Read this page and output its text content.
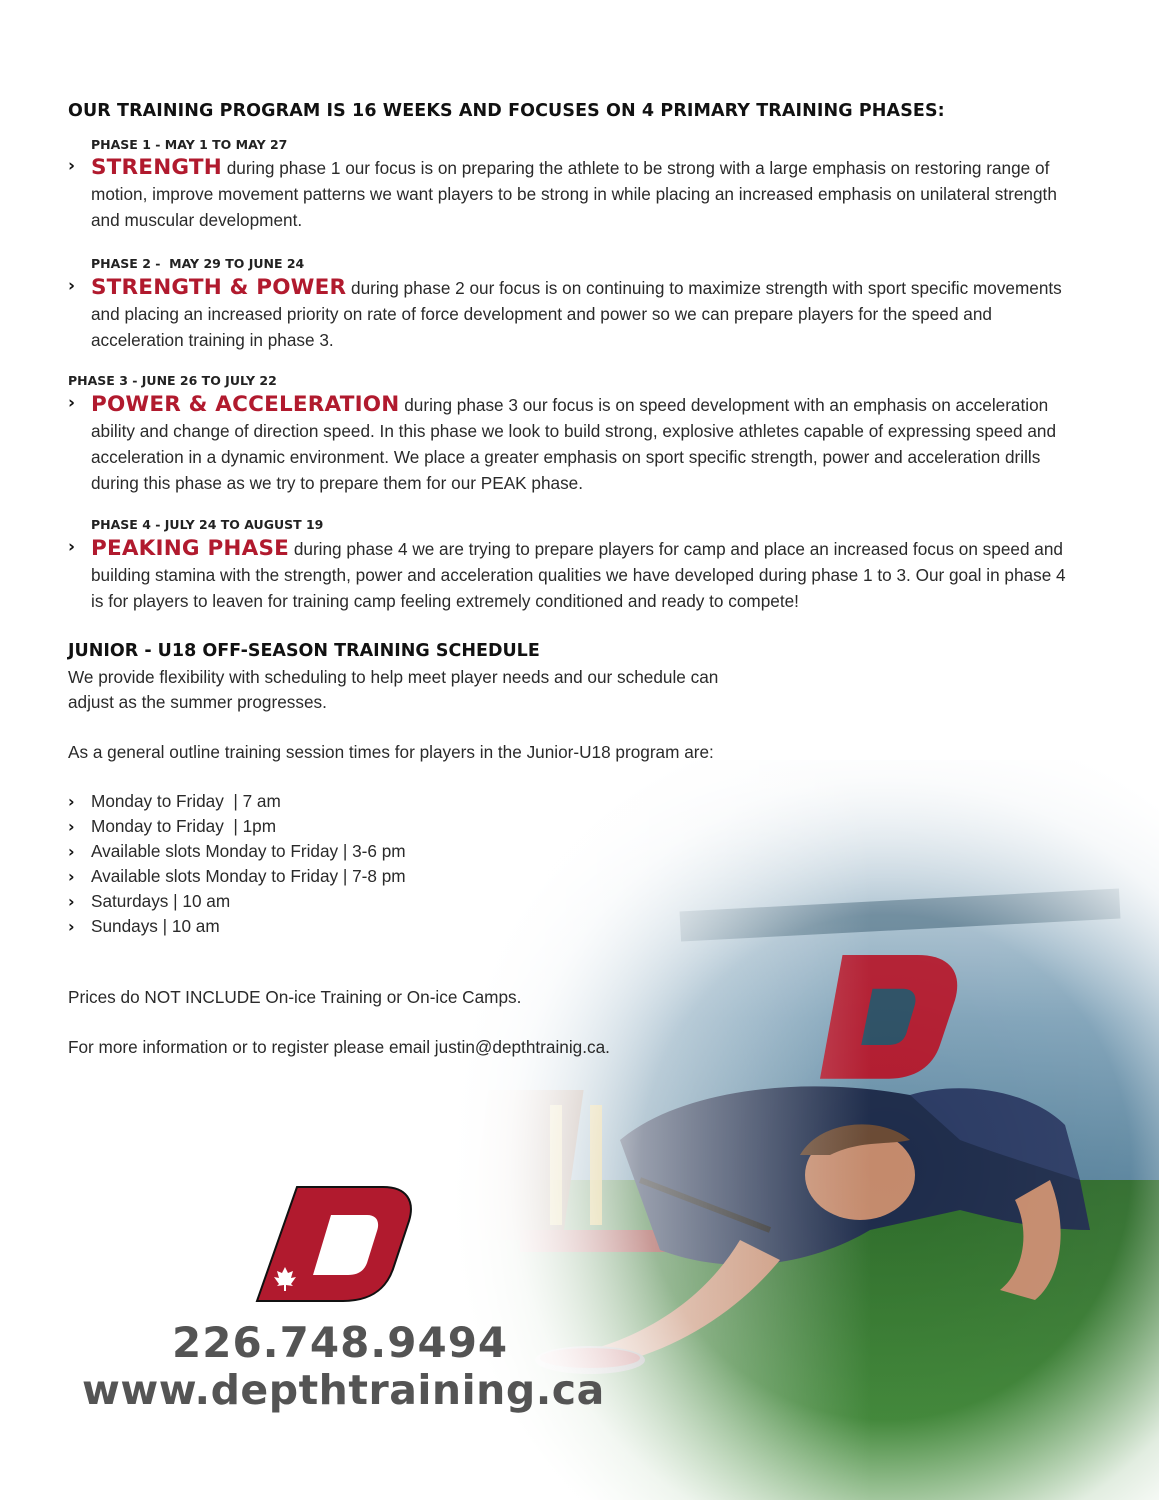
OUR TRAINING PROGRAM IS 16 WEEKS AND FOCUSES ON 4 PRIMARY TRAINING PHASES:

PHASE 1 - MAY 1 TO MAY 27

› STRENGTH during phase 1 our focus is on preparing the athlete to be strong with a large emphasis on restoring range of motion, improve movement patterns we want players to be strong in while placing an increased emphasis on unilateral strength and muscular development.

PHASE 2 -  MAY 29 TO JUNE 24

› STRENGTH & POWER during phase 2 our focus is on continuing to maximize strength with sport specific movements and placing an increased priority on rate of force development and power so we can prepare players for the speed and acceleration training in phase 3.

PHASE 3 - JUNE 26 TO JULY 22

› POWER & ACCELERATION during phase 3 our focus is on speed development with an emphasis on acceleration ability and change of direction speed. In this phase we look to build strong, explosive athletes capable of expressing speed and acceleration in a dynamic environment. We place a greater emphasis on sport specific strength, power and acceleration drills during this phase as we try to prepare them for our PEAK phase.

PHASE 4 - JULY 24 TO AUGUST 19

› PEAKING PHASE during phase 4 we are trying to prepare players for camp and place an increased focus on speed and building stamina with the strength, power and acceleration qualities we have developed during phase 1 to 3. Our goal in phase 4 is for players to leaven for training camp feeling extremely conditioned and ready to compete!

JUNIOR - U18 OFF-SEASON TRAINING SCHEDULE

We provide flexibility with scheduling to help meet player needs and our schedule can adjust as the summer progresses.

As a general outline training session times for players in the Junior-U18 program are:

› Monday to Friday  | 7 am
› Monday to Friday  | 1pm
› Available slots Monday to Friday | 3-6 pm
› Available slots Monday to Friday | 7-8 pm
› Saturdays | 10 am
› Sundays | 10 am

Prices do NOT INCLUDE On-ice Training or On-ice Camps.

For more information or to register please email justin@depthtrainig.ca.

226.748.9494

www.depthtraining.ca
